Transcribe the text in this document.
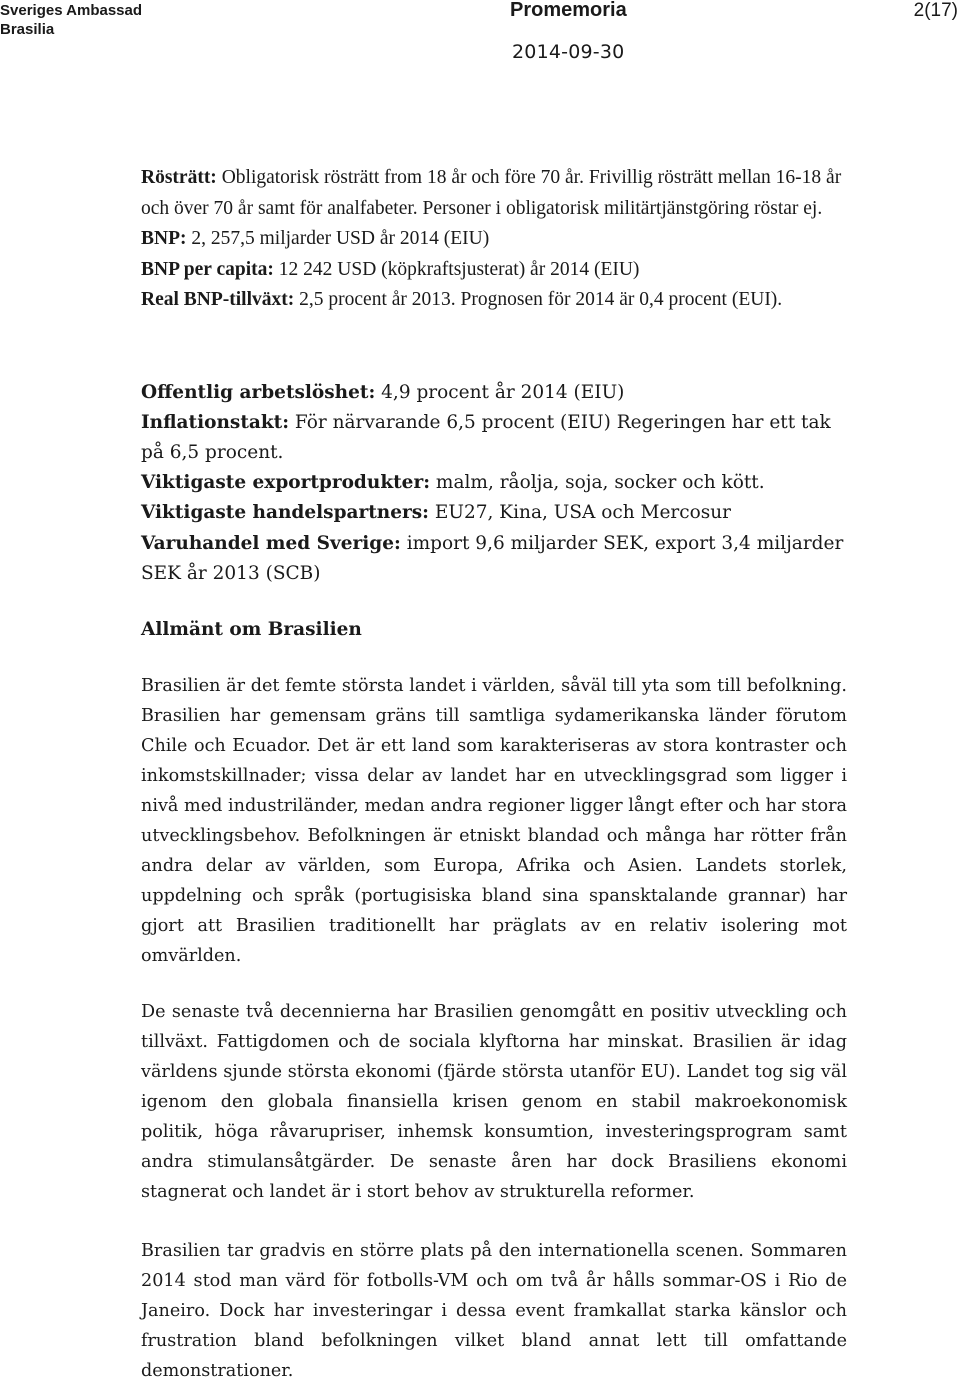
Sveriges Ambassad
Brasilia
Promemoria
2014-09-30
2(17)

Rösträtt: Obligatorisk rösträtt from 18 år och före 70 år. Frivillig rösträtt mellan 16-18 år och över 70 år samt för analfabeter. Personer i obligatorisk militärtjänstgöring röstar ej.

BNP: 2, 257,5 miljarder USD år 2014 (EIU)

BNP per capita: 12 242 USD (köpkraftsjusterat) år 2014 (EIU)

Real BNP-tillväxt: 2,5 procent år 2013. Prognosen för 2014 är 0,4 procent (EUI).

Offentlig arbetslöshet: 4,9 procent år 2014 (EIU)

Inflationstakt: För närvarande 6,5 procent (EIU) Regeringen har ett tak på 6,5 procent.

Viktigaste exportprodukter: malm, råolja, soja, socker och kött.

Viktigaste handelspartners: EU27, Kina, USA och Mercosur

Varuhandel med Sverige: import 9,6 miljarder SEK, export 3,4 miljarder SEK år 2013 (SCB)

Allmänt om Brasilien

Brasilien är det femte största landet i världen, såväl till yta som till befolkning. Brasilien har gemensam gräns till samtliga sydamerikanska länder förutom Chile och Ecuador. Det är ett land som karakteriseras av stora kontraster och inkomstskillnader; vissa delar av landet har en utvecklingsgrad som ligger i nivå med industriländer, medan andra regioner ligger långt efter och har stora utvecklingsbehov. Befolkningen är etniskt blandad och många har rötter från andra delar av världen, som Europa, Afrika och Asien. Landets storlek, uppdelning och språk (portugisiska bland sina spansktalande grannar) har gjort att Brasilien traditionellt har präglats av en relativ isolering mot omvärlden.

De senaste två decennierna har Brasilien genomgått en positiv utveckling och tillväxt. Fattigdomen och de sociala klyftorna har minskat. Brasilien är idag världens sjunde största ekonomi (fjärde största utanför EU). Landet tog sig väl igenom den globala finansiella krisen genom en stabil makroekonomisk politik, höga råvarupriser, inhemsk konsumtion, investeringsprogram samt andra stimulansåtgärder. De senaste åren har dock Brasiliens ekonomi stagnerat och landet är i stort behov av strukturella reformer.

Brasilien tar gradvis en större plats på den internationella scenen. Sommaren 2014 stod man värd för fotbolls-VM och om två år hålls sommar-OS i Rio de Janeiro. Dock har investeringar i dessa event framkallat starka känslor och frustration bland befolkningen vilket bland annat lett till omfattande demonstrationer.
